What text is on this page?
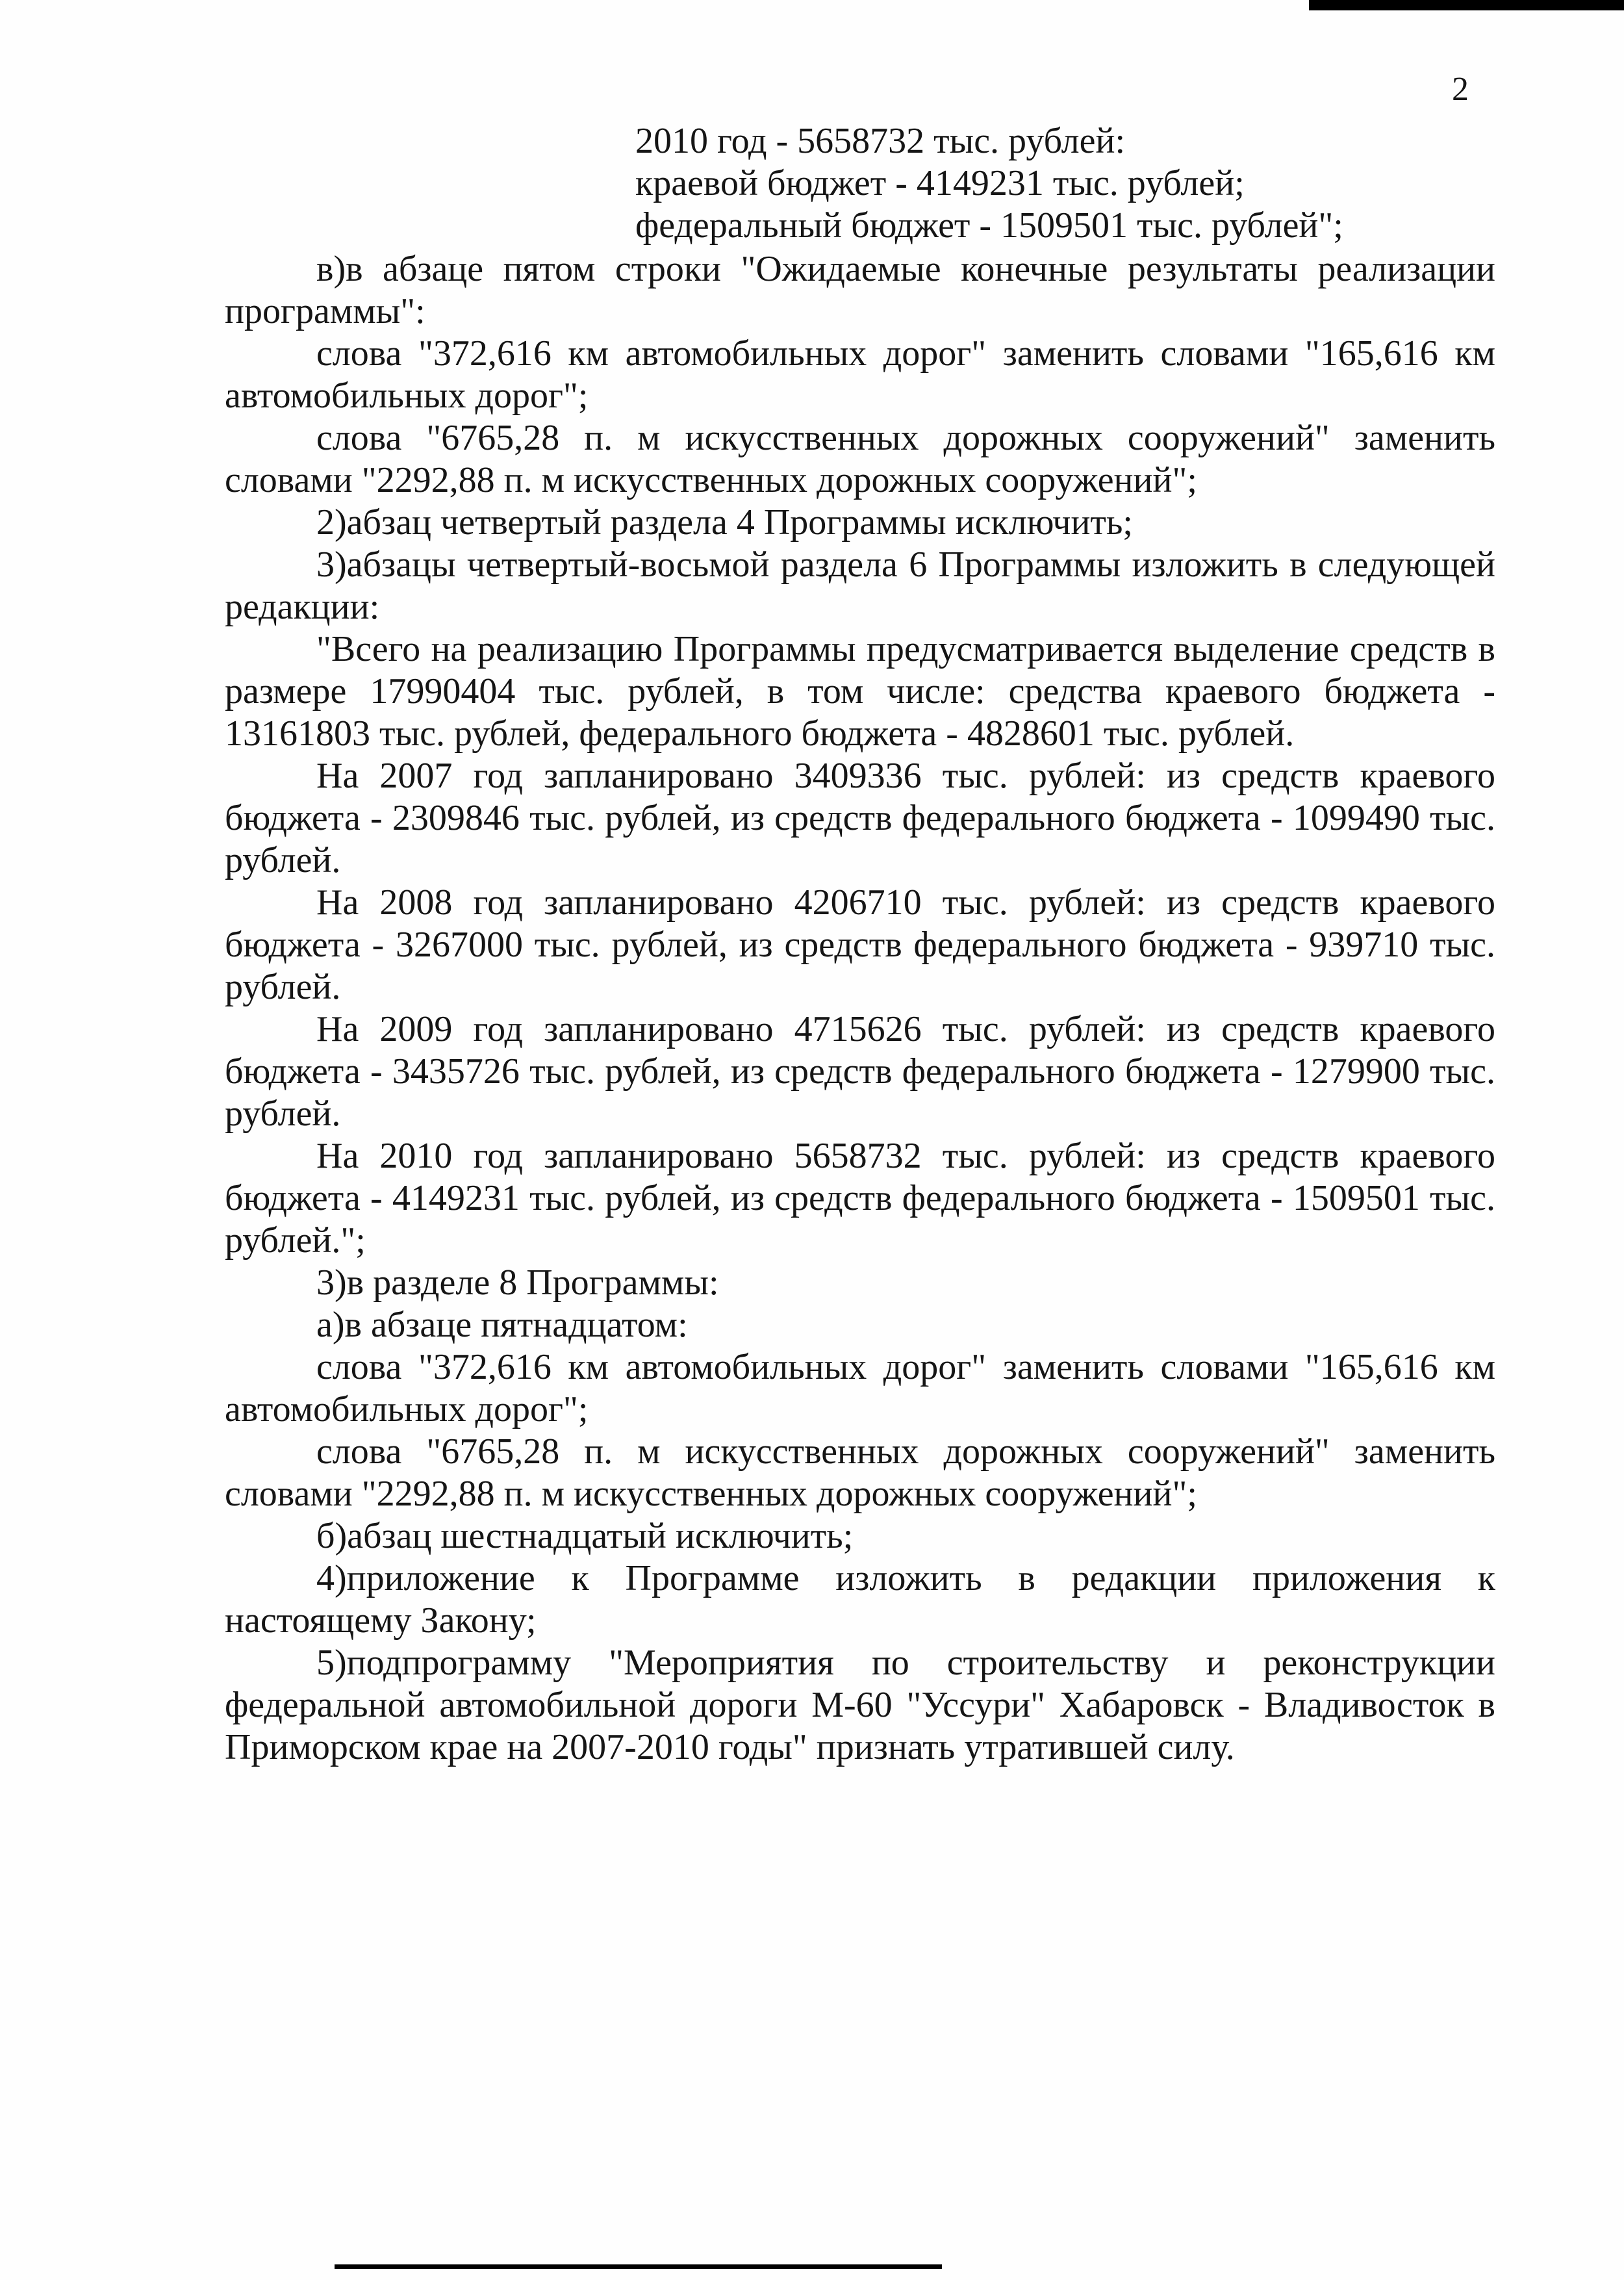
2
2010 год - 5658732 тыс. рублей:
краевой бюджет - 4149231 тыс. рублей;
федеральный бюджет - 1509501 тыс. рублей";

в)в абзаце пятом строки "Ожидаемые конечные результаты реализации программы":

слова "372,616 км автомобильных дорог" заменить словами "165,616 км автомобильных дорог";

слова "6765,28 п. м искусственных дорожных сооружений" заменить словами "2292,88 п. м искусственных дорожных сооружений";

2)абзац четвертый раздела 4 Программы исключить;

3)абзацы четвертый-восьмой раздела 6 Программы изложить в следующей редакции:

"Всего на реализацию Программы предусматривается выделение средств в размере 17990404 тыс. рублей, в том числе: средства краевого бюджета - 13161803 тыс. рублей, федерального бюджета - 4828601 тыс. рублей.

На 2007 год запланировано 3409336 тыс. рублей: из средств краевого бюджета - 2309846 тыс. рублей, из средств федерального бюджета - 1099490 тыс. рублей.

На 2008 год запланировано 4206710 тыс. рублей: из средств краевого бюджета - 3267000 тыс. рублей, из средств федерального бюджета - 939710 тыс. рублей.

На 2009 год запланировано 4715626 тыс. рублей: из средств краевого бюджета - 3435726 тыс. рублей, из средств федерального бюджета - 1279900 тыс. рублей.

На 2010 год запланировано 5658732 тыс. рублей: из средств краевого бюджета - 4149231 тыс. рублей, из средств федерального бюджета - 1509501 тыс. рублей.";

3)в разделе 8 Программы:

а)в абзаце пятнадцатом:

слова "372,616 км автомобильных дорог" заменить словами "165,616 км автомобильных дорог";

слова "6765,28 п. м искусственных дорожных сооружений" заменить словами "2292,88 п. м искусственных дорожных сооружений";

б)абзац шестнадцатый исключить;

4)приложение к Программе изложить в редакции приложения к настоящему Закону;

5)подпрограмму "Мероприятия по строительству и реконструкции федеральной автомобильной дороги М-60 "Уссури" Хабаровск - Владивосток в Приморском крае на 2007-2010 годы" признать утратившей силу.
